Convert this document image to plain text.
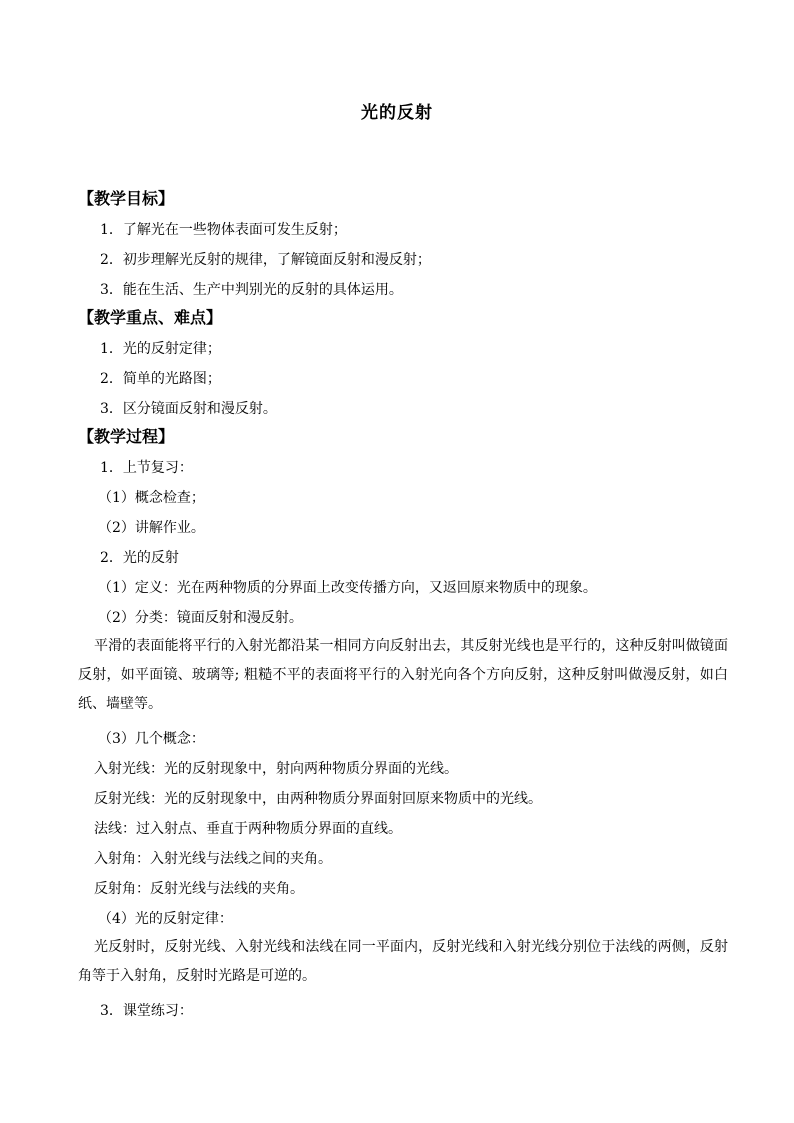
光的反射
【教学目标】
1．了解光在一些物体表面可发生反射；
2．初步理解光反射的规律，了解镜面反射和漫反射；
3．能在生活、生产中判别光的反射的具体运用。
【教学重点、难点】
1．光的反射定律；
2．简单的光路图；
3．区分镜面反射和漫反射。
【教学过程】
1．上节复习：
（1）概念检查；
（2）讲解作业。
2．光的反射
（1）定义：光在两种物质的分界面上改变传播方向，又返回原来物质中的现象。
（2）分类：镜面反射和漫反射。
平滑的表面能将平行的入射光都沿某一相同方向反射出去，其反射光线也是平行的，这种反射叫做镜面反射，如平面镜、玻璃等; 粗糙不平的表面将平行的入射光向各个方向反射，这种反射叫做漫反射，如白纸、墙壁等。
（3）几个概念：
入射光线：光的反射现象中，射向两种物质分界面的光线。
反射光线：光的反射现象中，由两种物质分界面射回原来物质中的光线。
法线：过入射点、垂直于两种物质分界面的直线。
入射角：入射光线与法线之间的夹角。
反射角：反射光线与法线的夹角。
（4）光的反射定律：
光反射时，反射光线、入射光线和法线在同一平面内，反射光线和入射光线分别位于法线的两侧，反射角等于入射角，反射时光路是可逆的。
3．课堂练习：
